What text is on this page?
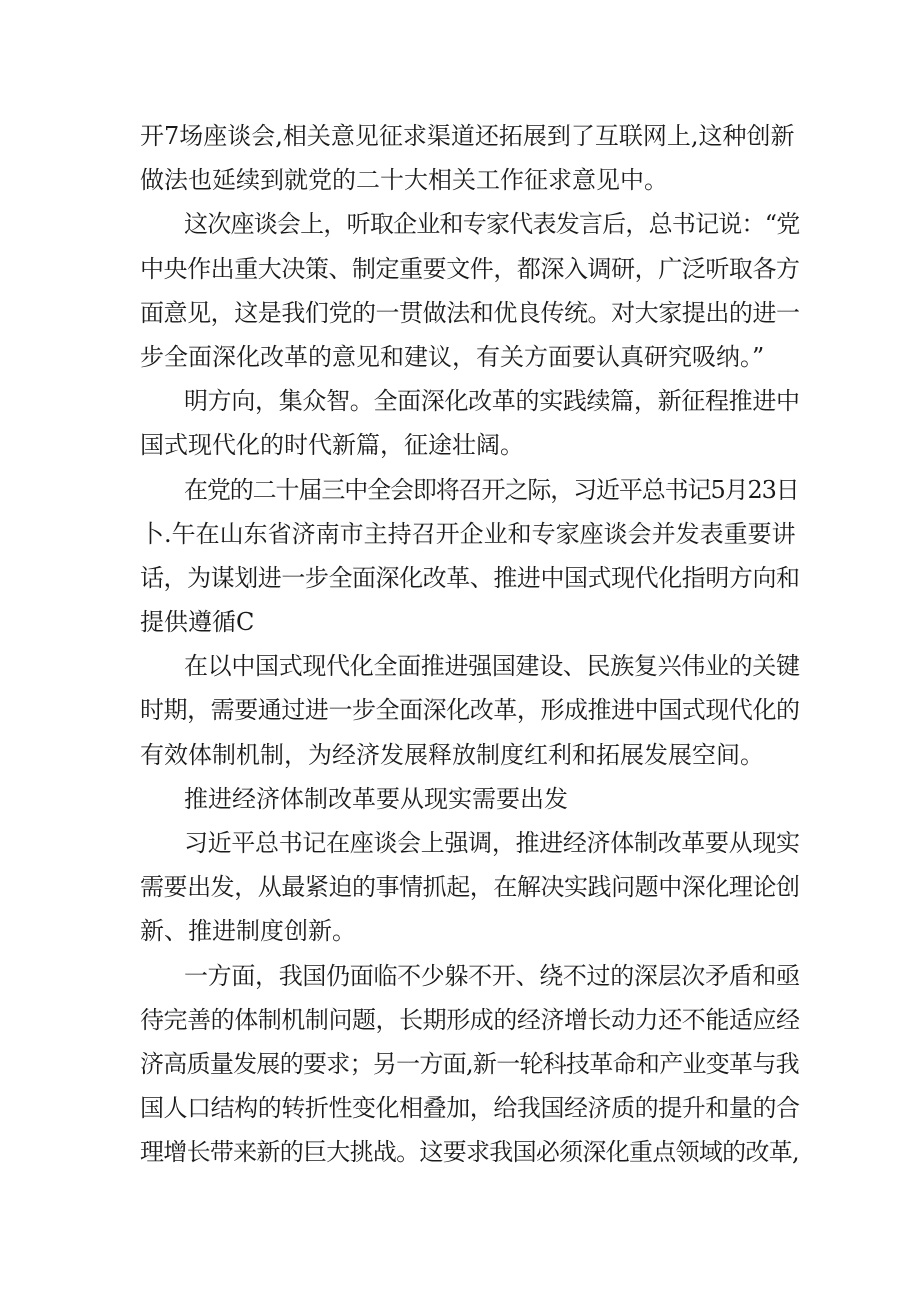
开7场座谈会,相关意见征求渠道还拓展到了互联网上,这种创新

做法也延续到就党的二十大相关工作征求意见中。

这次座谈会上，听取企业和专家代表发言后，总书记说：“党

中央作出重大决策、制定重要文件，都深入调研，广泛听取各方

面意见，这是我们党的一贯做法和优良传统。对大家提出的进一

步全面深化改革的意见和建议，有关方面要认真研究吸纳。”

明方向，集众智。全面深化改革的实践续篇，新征程推进中

国式现代化的时代新篇，征途壮阔。

在党的二十届三中全会即将召开之际，习近平总书记5月23日

卜.午在山东省济南市主持召开企业和专家座谈会并发表重要讲

话，为谋划进一步全面深化改革、推进中国式现代化指明方向和

提供遵循C

在以中国式现代化全面推进强国建设、民族复兴伟业的关键

时期，需要通过进一步全面深化改革，形成推进中国式现代化的

有效体制机制，为经济发展释放制度红利和拓展发展空间。

推进经济体制改革要从现实需要出发

习近平总书记在座谈会上强调，推进经济体制改革要从现实

需要出发，从最紧迫的事情抓起，在解决实践问题中深化理论创

新、推进制度创新。

一方面，我国仍面临不少躲不开、绕不过的深层次矛盾和亟

待完善的体制机制问题，长期形成的经济增长动力还不能适应经

济高质量发展的要求；另一方面,新一轮科技革命和产业变革与我

国人口结构的转折性变化相叠加，给我国经济质的提升和量的合

理增长带来新的巨大挑战。这要求我国必须深化重点领域的改革,
